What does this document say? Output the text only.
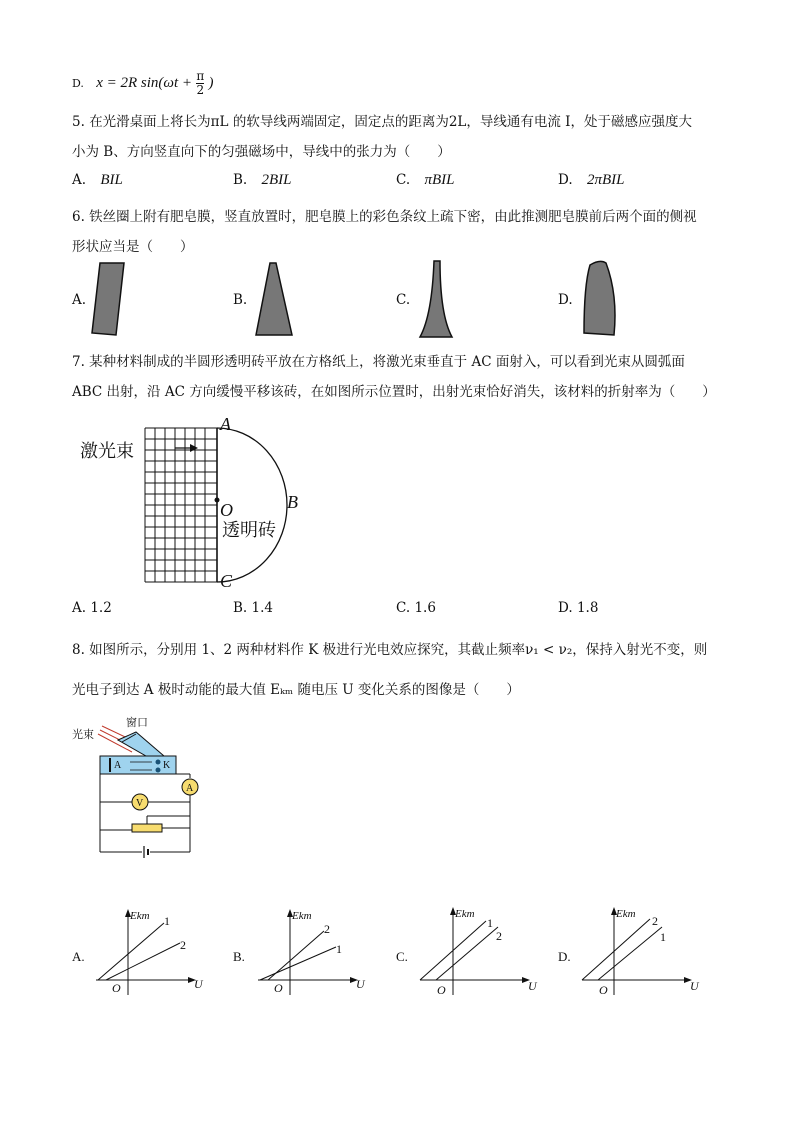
D. x = 2R $\sin(\omega t + \frac{\pi}{2}$ )
5. 在光滑桌面上将长为πL 的软导线两端固定，固定点的距离为2L，导线通有电流 I，处于磁感应强度大
小为 B、方向竖直向下的匀强磁场中，导线中的张力为（　　）
A. BIL	B. 2BIL	C. πBIL	D. 2πBIL
6. 铁丝圈上附有肥皂膜，竖直放置时，肥皂膜上的彩色条纹上疏下密，由此推测肥皂膜前后两个面的侧视
形状应当是（　　）
A.	B.	C.	D.
7. 某种材料制成的半圆形透明砖平放在方格纸上，将激光束垂直于 AC 面射入，可以看到光束从圆弧面
ABC 出射，沿 AC 方向缓慢平移该砖，在如图所示位置时，出射光束恰好消失，该材料的折射率为（　　）
激光束
A
B
C
O
透明砖
A. 1.2	B. 1.4	C. 1.6	D. 1.8
8. 如图所示，分别用 1、2 两种材料作 K 极进行光电效应探究，其截止频率ν₁ < ν₂，保持入射光不变，则
光电子到达 A 极时动能的最大值 Eₖₘ 随电压 U 变化关系的图像是（　　）
光束
窗口
A	K
A
V
A.
Ekm
U
O
1
2
B.
Ekm
U
O
2
1	C.
Ekm
U
O
1
2
D.
Ekm
U
O
2
1
